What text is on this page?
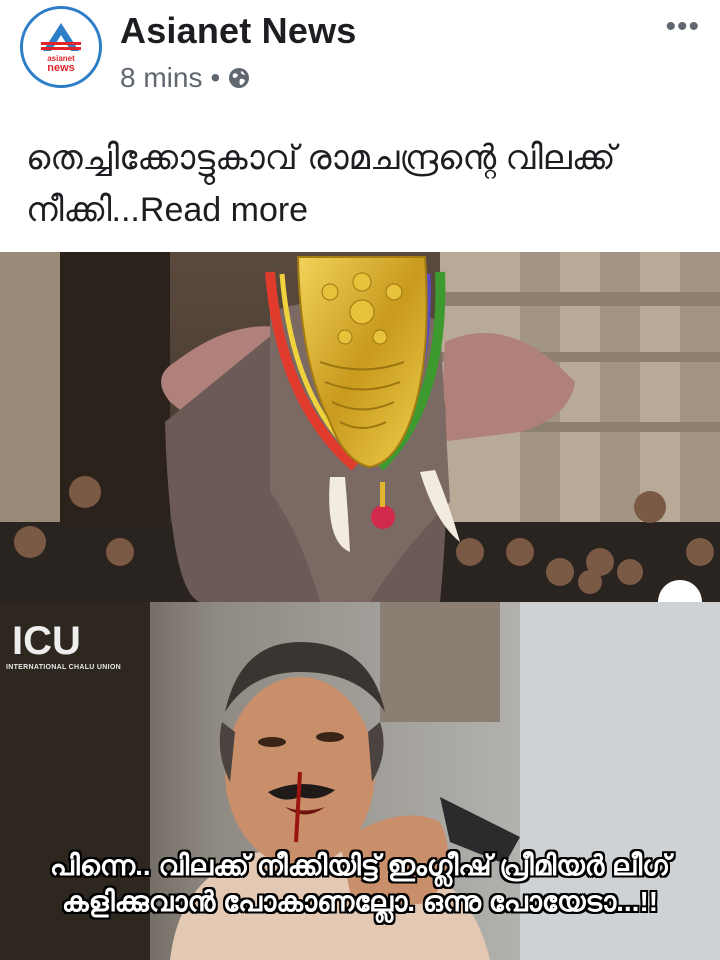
asianet
news
Asianet News
8 mins •
•••
തെച്ചിക്കോട്ടുകാവ് രാമചന്ദ്രന്റെ വിലക്ക് നീക്കി...Read more
ICU
INTERNATIONAL CHALU UNION
പിന്നെ.. വിലക്ക് നീക്കിയിട്ട് ഇംഗ്ലീഷ് പ്രീമിയർ ലീഗ് കളിക്കുവാൻ പോകാണല്ലോ. ഒന്നു പോയേടാ...!!
